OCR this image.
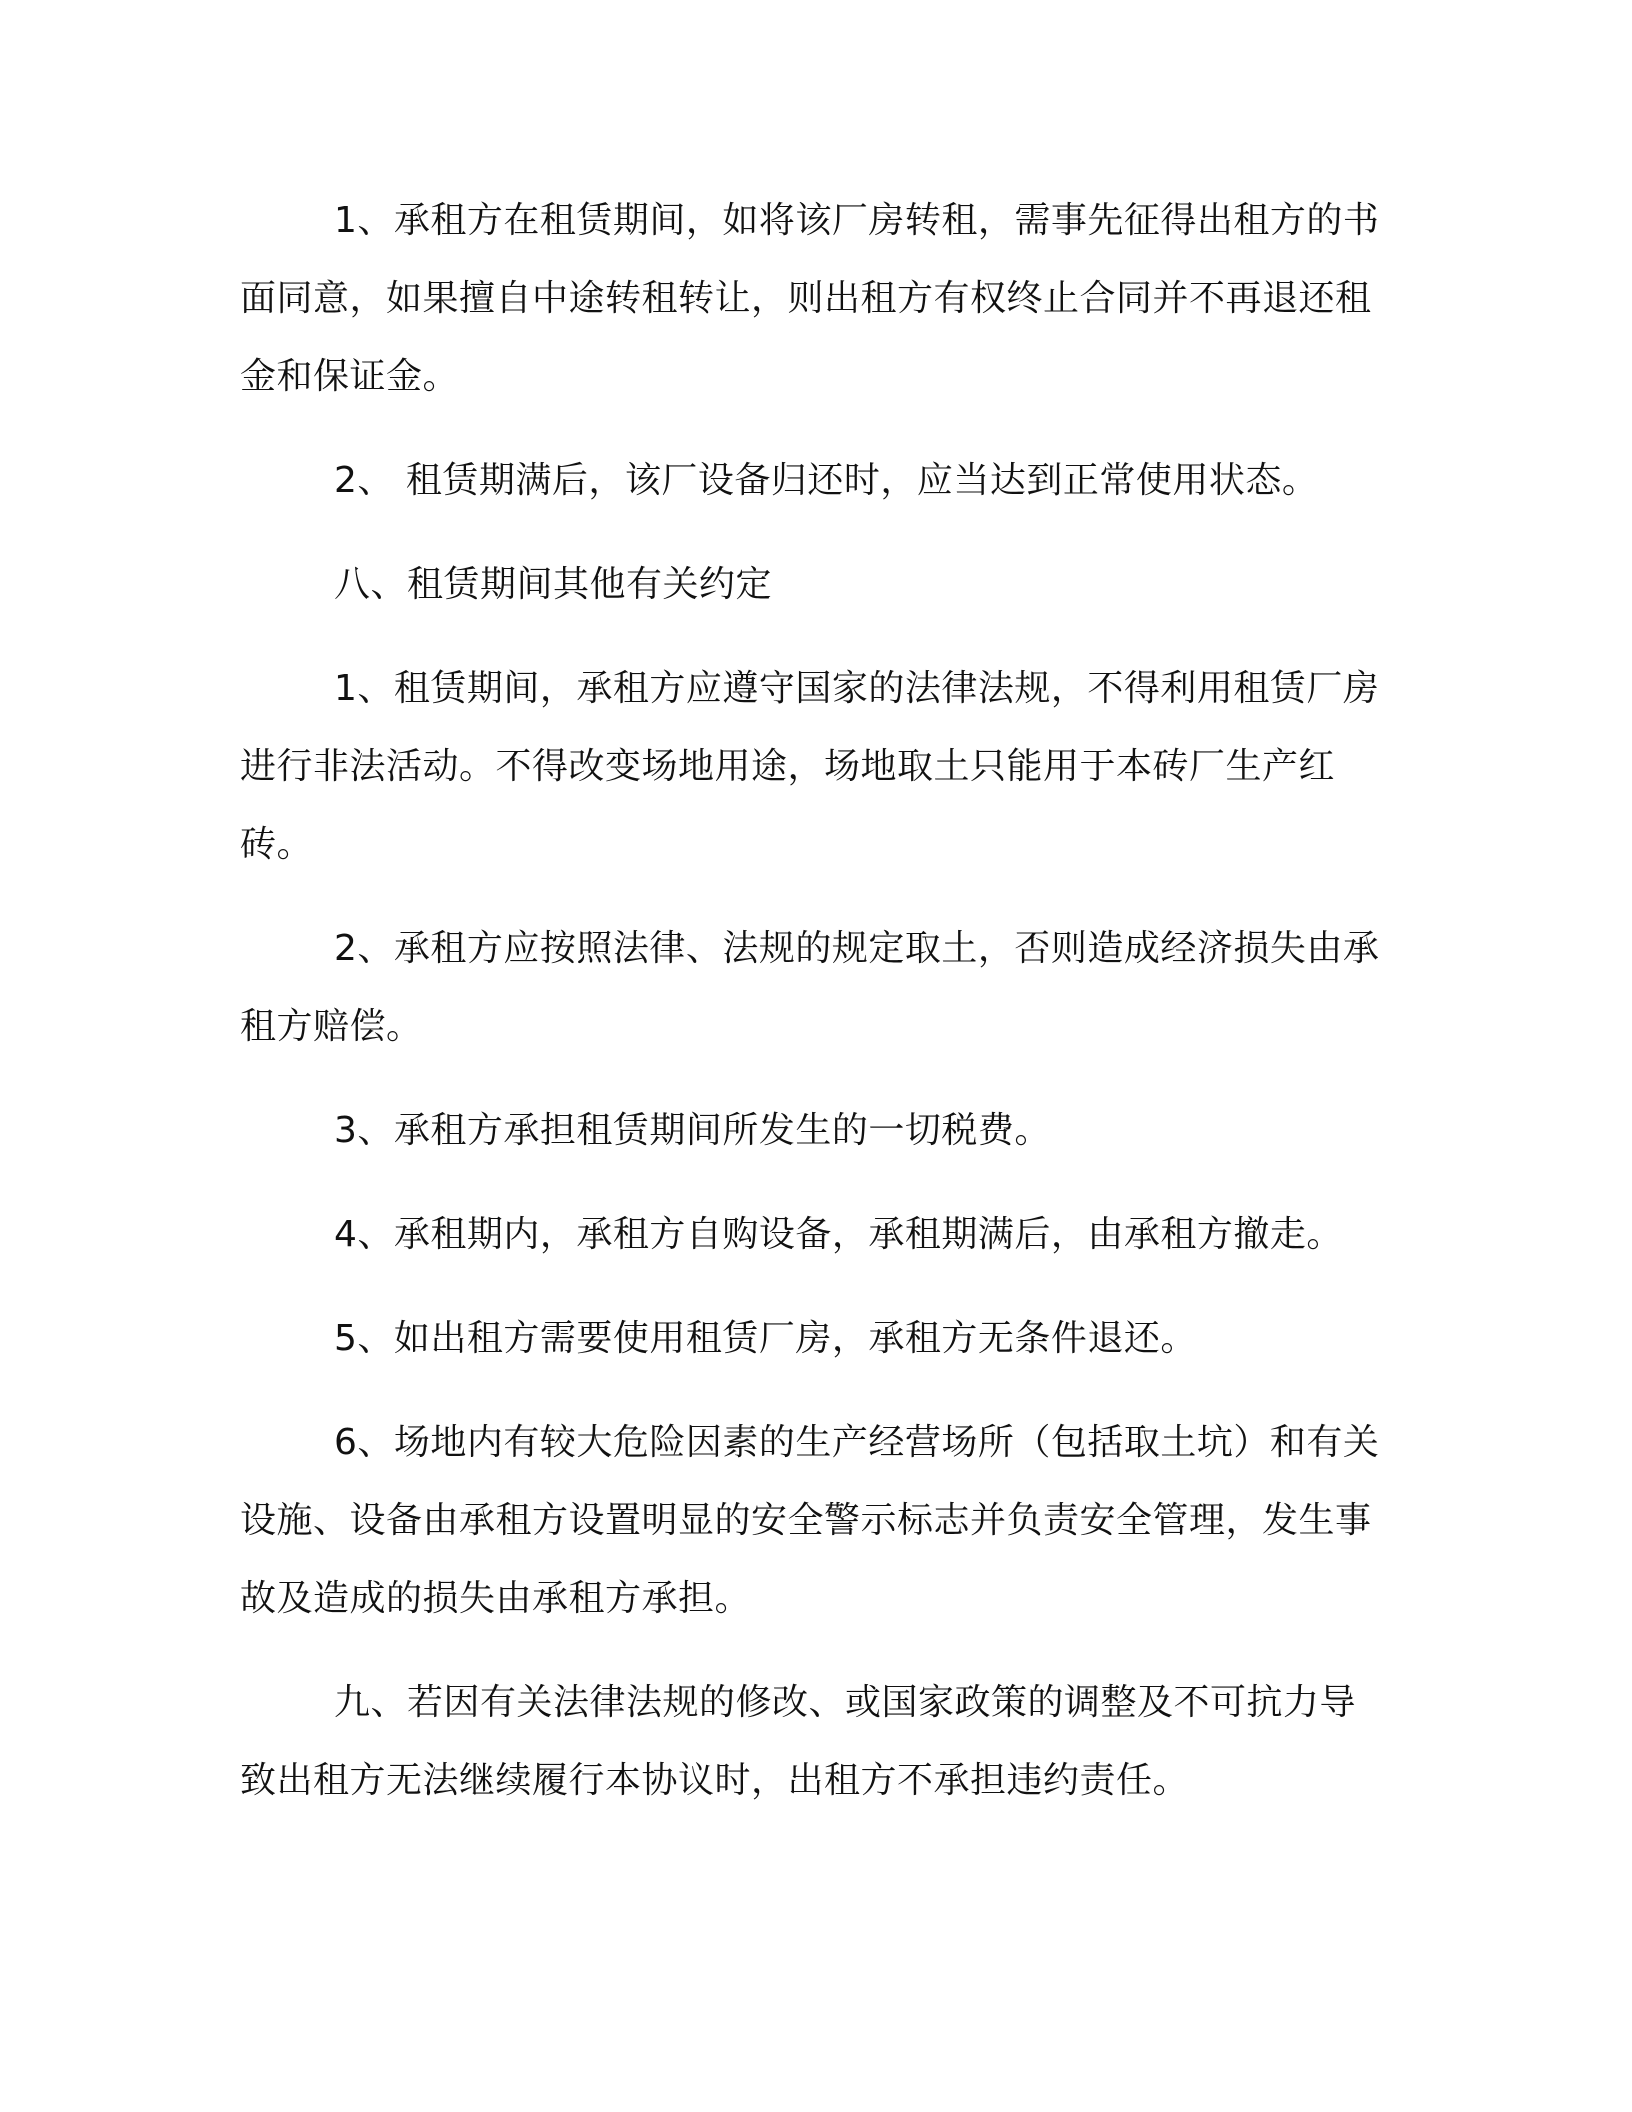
1、承租方在租赁期间，如将该厂房转租，需事先征得出租方的书面同意，如果擅自中途转租转让，则出租方有权终止合同并不再退还租金和保证金。

2、 租赁期满后，该厂设备归还时，应当达到正常使用状态。

八、租赁期间其他有关约定

1、租赁期间，承租方应遵守国家的法律法规，不得利用租赁厂房进行非法活动。不得改变场地用途，场地取土只能用于本砖厂生产红砖。

2、承租方应按照法律、法规的规定取土，否则造成经济损失由承租方赔偿。

3、承租方承担租赁期间所发生的一切税费。

4、承租期内，承租方自购设备，承租期满后，由承租方撤走。

5、如出租方需要使用租赁厂房，承租方无条件退还。

6、场地内有较大危险因素的生产经营场所（包括取土坑）和有关设施、设备由承租方设置明显的安全警示标志并负责安全管理，发生事故及造成的损失由承租方承担。

九、若因有关法律法规的修改、或国家政策的调整及不可抗力导致出租方无法继续履行本协议时，出租方不承担违约责任。
